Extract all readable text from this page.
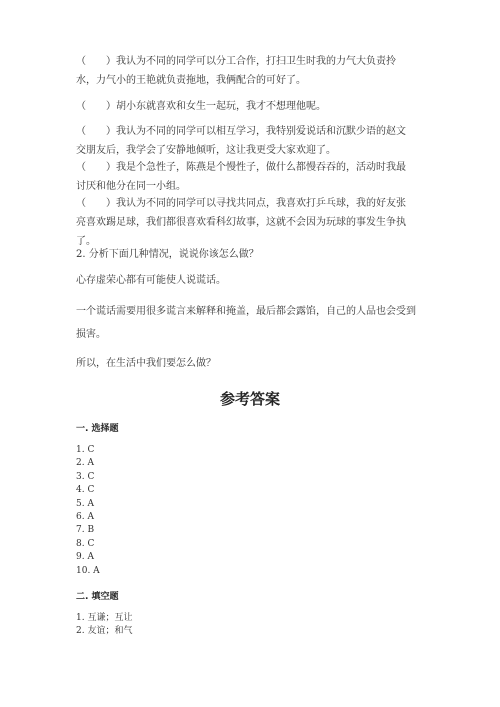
（　　）我认为不同的同学可以分工合作，打扫卫生时我的力气大负责拎
水，力气小的王艳就负责拖地，我俩配合的可好了。
（　　）胡小东就喜欢和女生一起玩，我才不想理他呢。
（　　）我认为不同的同学可以相互学习，我特别爱说话和沉默少语的赵文
交朋友后，我学会了安静地倾听，这让我更受大家欢迎了。
（　　）我是个急性子，陈燕是个慢性子，做什么都慢吞吞的，活动时我最
讨厌和他分在同一小组。
（　　）我认为不同的同学可以寻找共同点，我喜欢打乒乓球，我的好友张
亮喜欢踢足球，我们都很喜欢看科幻故事，这就不会因为玩球的事发生争执
了。
2. 分析下面几种情况，说说你该怎么做？
心存虚荣心都有可能使人说谎话。
一个谎话需要用很多谎言来解释和掩盖，最后都会露馅，自己的人品也会受到
损害。
所以，在生活中我们要怎么做？
参考答案
一. 选择题
1. C
2. A
3. C
4. C
5. A
6. A
7. B
8. C
9. A
10. A
二. 填空题
1. 互谦；互让
2. 友谊；和气
